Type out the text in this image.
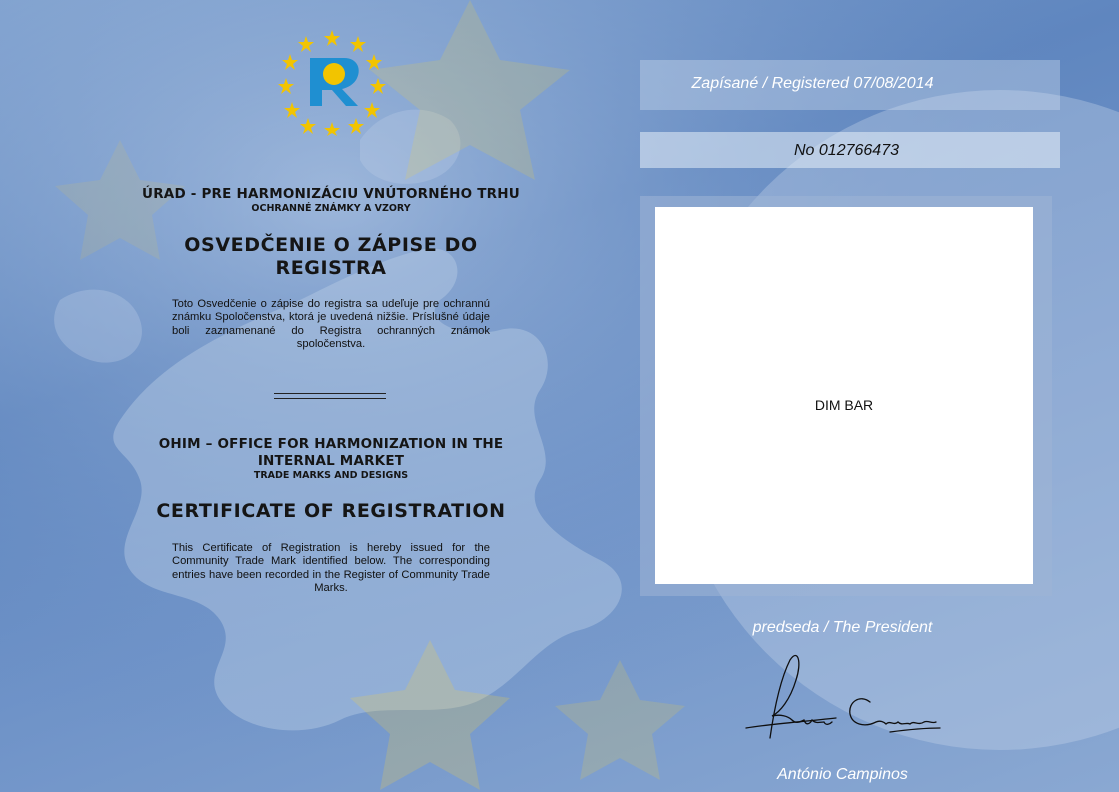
ÚRAD - PRE HARMONIZÁCIU VNÚTORNÉHO TRHU
OCHRANNÉ ZNÁMKY A VZORY
OSVEDČENIE O ZÁPISE DO
REGISTRA
Toto Osvedčenie o zápise do registra sa udeľuje pre ochrannú známku Spoločenstva, ktorá je uvedená nižšie. Príslušné údaje boli zaznamenané do Registra ochranných známok spoločenstva.
OHIM – OFFICE FOR HARMONIZATION IN THE
INTERNAL MARKET
TRADE MARKS AND DESIGNS
CERTIFICATE OF REGISTRATION
This Certificate of Registration is hereby issued for the Community Trade Mark identified below. The corresponding entries have been recorded in the Register of Community Trade Marks.
Zapísané / Registered 07/08/2014
No 012766473
DIM BAR
predseda / The President
António Campinos
